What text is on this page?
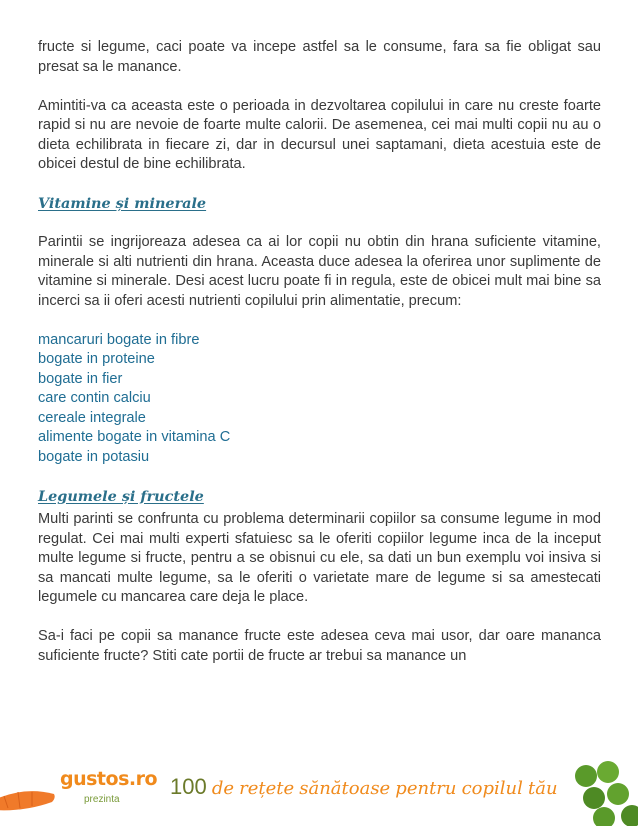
fructe si legume, caci poate va incepe astfel sa le consume, fara sa fie obligat sau presat sa le manance.

Amintiti-va ca aceasta este o perioada in dezvoltarea copilului in care nu creste foarte rapid si nu are nevoie de foarte multe calorii. De asemenea, cei mai multi copii nu au o dieta echilibrata in fiecare zi, dar in decursul unei saptamani, dieta acestuia este de obicei destul de bine echilibrata.

Vitamine și minerale

Parintii se ingrijoreaza adesea ca ai lor copii nu obtin din hrana suficiente vitamine, minerale si alti nutrienti din hrana. Aceasta duce adesea la oferirea unor suplimente de vitamine si minerale. Desi acest lucru poate fi in regula, este de obicei mult mai bine sa incerci sa ii oferi acesti nutrienti copilului prin alimentatie, precum:

mancaruri bogate in fibre
bogate in proteine
bogate in fier
care contin calciu
cereale integrale
alimente bogate in vitamina C
bogate in potasiu

Legumele și fructele

Multi parinti se confrunta cu problema determinarii copiilor sa consume legume in mod regulat. Cei mai multi experti sfatuiesc sa le oferiti copiilor legume inca de la inceput multe legume si fructe, pentru a se obisnui cu ele, sa dati un bun exemplu voi insiva si sa mancati multe legume, sa le oferiti o varietate mare de legume si sa amestecati legumele cu mancarea care deja le place.

Sa-i faci pe copii sa manance fructe este adesea ceva mai usor, dar oare mananca suficiente fructe? Stiti cate portii de fructe ar trebui sa manance un

gustos.ro
prezinta
100 de rețete sănătoase pentru copilul tău
